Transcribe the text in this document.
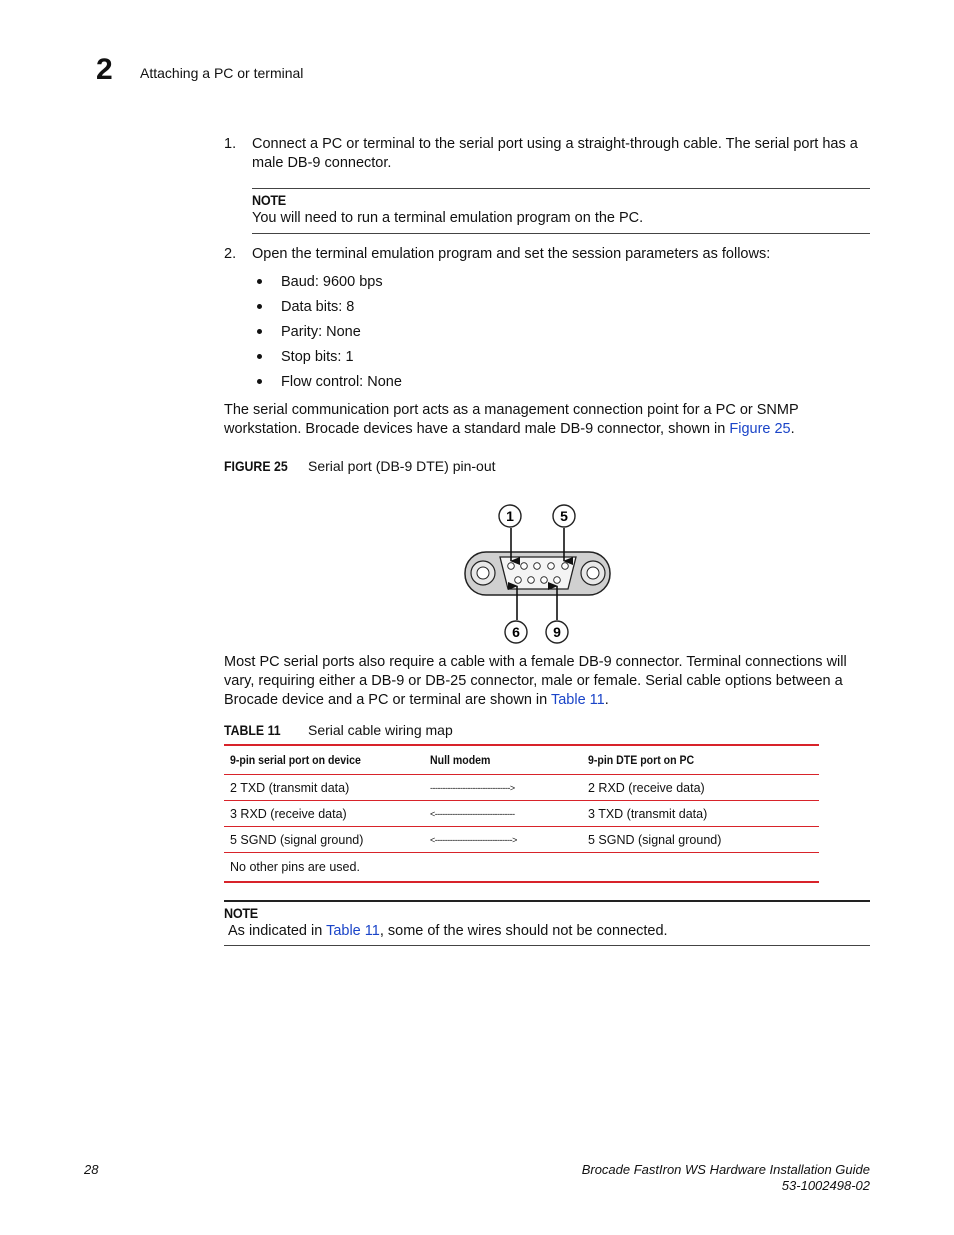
2 Attaching a PC or terminal
1.	Connect a PC or terminal to the serial port using a straight-through cable. The serial port has a male DB-9 connector.
NOTE
You will need to run a terminal emulation program on the PC.
2.	Open the terminal emulation program and set the session parameters as follows:
Baud: 9600 bps
Data bits: 8
Parity: None
Stop bits: 1
Flow control: None
The serial communication port acts as a management connection point for a PC or SNMP workstation. Brocade devices have a standard male DB-9 connector, shown in Figure 25.
FIGURE 25 Serial port (DB-9 DTE) pin-out
1	5
6 9
Most PC serial ports also require a cable with a female DB-9 connector. Terminal connections will vary, requiring either a DB-9 or DB-25 connector, male or female. Serial cable options between a Brocade device and a PC or terminal are shown in Table 11.
TABLE 11 Serial cable wiring map
9-pin serial port on device	Null modem	9-pin DTE port on PC
2 TXD (transmit data)	-------------------------------->	2 RXD (receive data)
3 RXD (receive data)	<--------------------------------	3 TXD (transmit data)
5 SGND (signal ground)	<------------------------------->	5 SGND (signal ground)
No other pins are used.		
NOTE
As indicated in Table 11, some of the wires should not be connected.
28	Brocade FastIron WS Hardware Installation Guide
53-1002498-02
